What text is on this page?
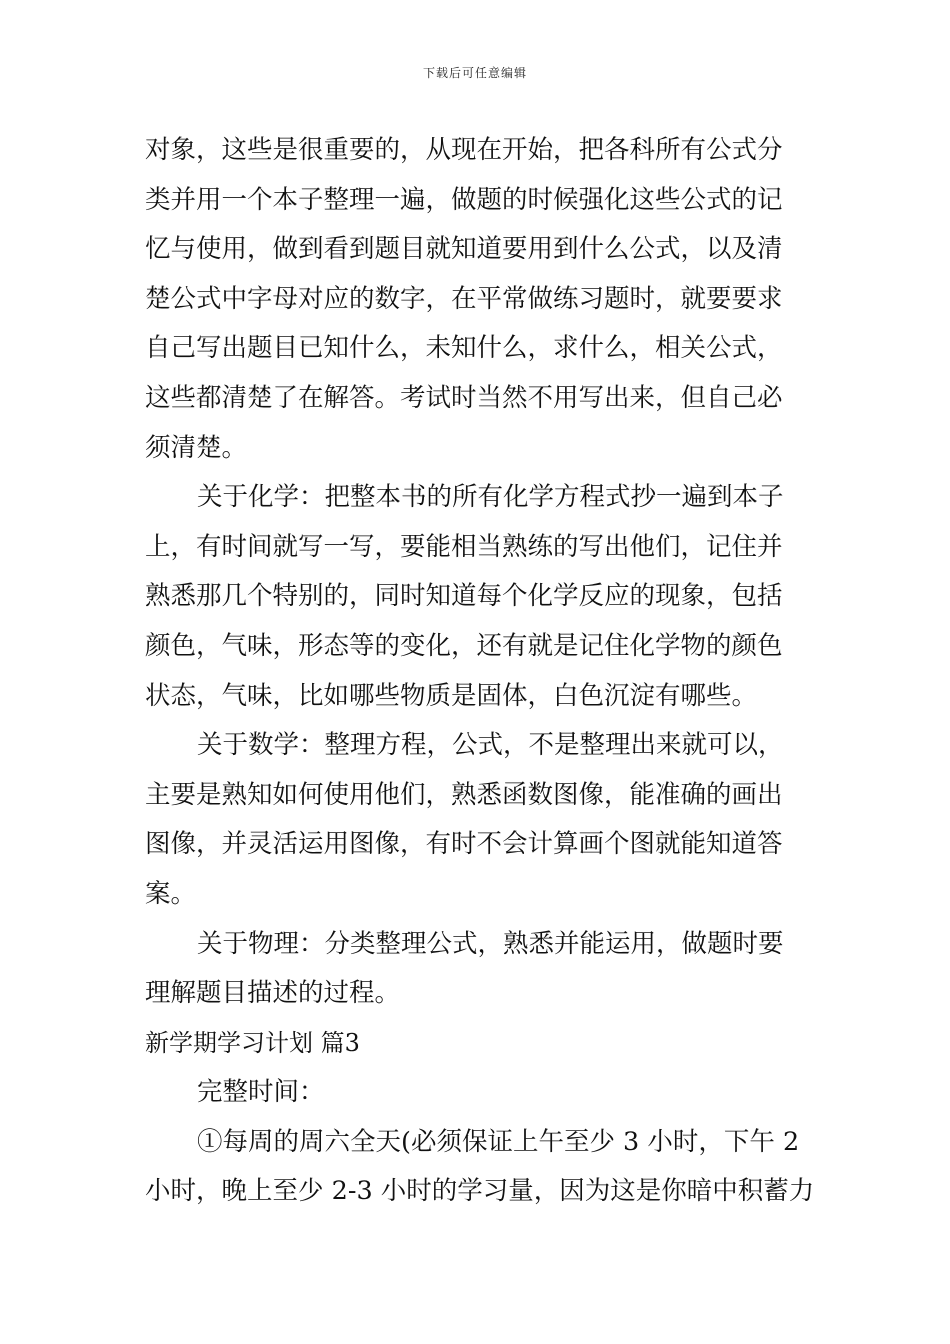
下载后可任意编辑
对象，这些是很重要的，从现在开始，把各科所有公式分
类并用一个本子整理一遍，做题的时候强化这些公式的记
忆与使用，做到看到题目就知道要用到什么公式，以及清
楚公式中字母对应的数字，在平常做练习题时，就要要求
自己写出题目已知什么，未知什么，求什么，相关公式，
这些都清楚了在解答。考试时当然不用写出来，但自己必
须清楚。
关于化学：把整本书的所有化学方程式抄一遍到本子
上，有时间就写一写，要能相当熟练的写出他们，记住并
熟悉那几个特别的，同时知道每个化学反应的现象，包括
颜色，气味，形态等的变化，还有就是记住化学物的颜色
状态，气味，比如哪些物质是固体，白色沉淀有哪些。
关于数学：整理方程，公式，不是整理出来就可以，
主要是熟知如何使用他们，熟悉函数图像，能准确的画出
图像，并灵活运用图像，有时不会计算画个图就能知道答
案。
关于物理：分类整理公式，熟悉并能运用，做题时要
理解题目描述的过程。
新学期学习计划 篇3
完整时间：
①每周的周六全天(必须保证上午至少 3 小时，下午 2
小时，晚上至少 2-3 小时的学习量，因为这是你暗中积蓄力
